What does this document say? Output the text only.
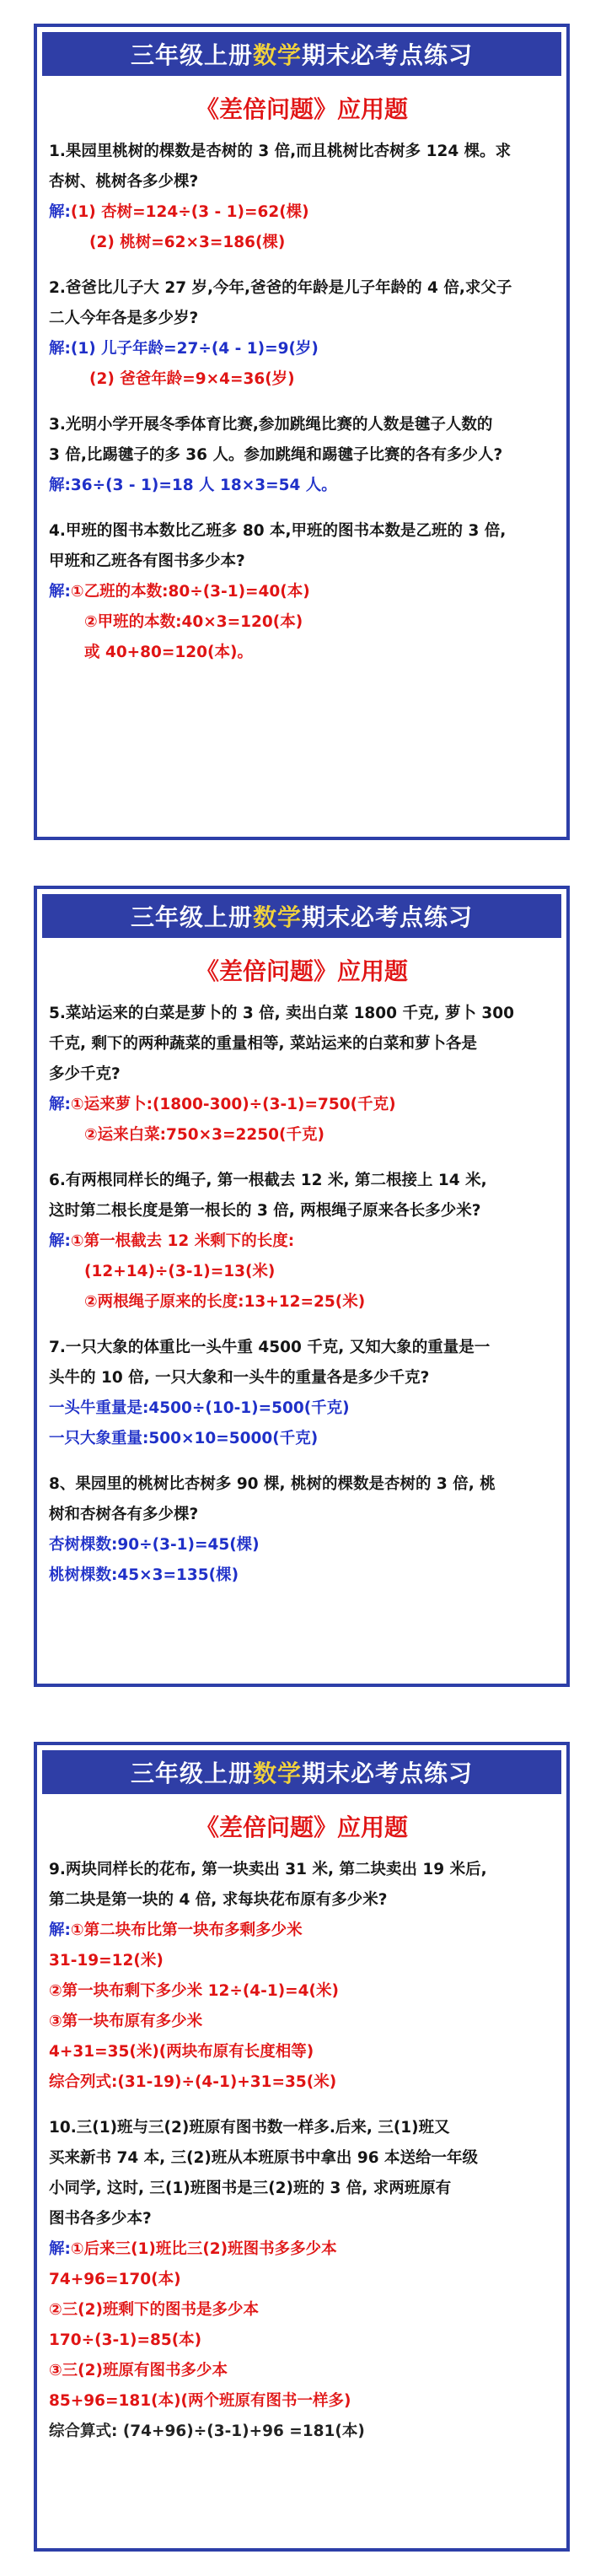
三年级上册 数学 期末必考点练习
《差倍问题》应用题
1.果园里桃树的棵数是杏树的 3 倍,而且桃树比杏树多 124 棵。求
杏树、桃树各多少棵?
解:(1) 杏树=124÷(3 - 1)=62(棵)
(2) 桃树=62×3=186(棵)
2.爸爸比儿子大 27 岁,今年,爸爸的年龄是儿子年龄的 4 倍,求父子
二人今年各是多少岁?
解:(1) 儿子年龄=27÷(4 - 1)=9(岁)
(2) 爸爸年龄=9×4=36(岁)
3.光明小学开展冬季体育比赛,参加跳绳比赛的人数是毽子人数的
3 倍,比踢毽子的多 36 人。参加跳绳和踢毽子比赛的各有多少人?
解:36÷(3 - 1)=18 人 18×3=54 人。
4.甲班的图书本数比乙班多 80 本,甲班的图书本数是乙班的 3 倍,
甲班和乙班各有图书多少本?
解:①乙班的本数:80÷(3-1)=40(本)
②甲班的本数:40×3=120(本)
或 40+80=120(本)。
三年级上册 数学 期末必考点练习
《差倍问题》应用题
5.菜站运来的白菜是萝卜的 3 倍, 卖出白菜 1800 千克, 萝卜 300
千克, 剩下的两种蔬菜的重量相等, 菜站运来的白菜和萝卜各是
多少千克?
解:①运来萝卜:(1800-300)÷(3-1)=750(千克)
②运来白菜:750×3=2250(千克)
6.有两根同样长的绳子, 第一根截去 12 米, 第二根接上 14 米,
这时第二根长度是第一根长的 3 倍, 两根绳子原来各长多少米?
解:①第一根截去 12 米剩下的长度:
(12+14)÷(3-1)=13(米)
②两根绳子原来的长度:13+12=25(米)
7.一只大象的体重比一头牛重 4500 千克, 又知大象的重量是一
头牛的 10 倍, 一只大象和一头牛的重量各是多少千克?
一头牛重量是:4500÷(10-1)=500(千克)
一只大象重量:500×10=5000(千克)
8、果园里的桃树比杏树多 90 棵, 桃树的棵数是杏树的 3 倍, 桃
树和杏树各有多少棵?
杏树棵数:90÷(3-1)=45(棵)
桃树棵数:45×3=135(棵)
三年级上册 数学 期末必考点练习
《差倍问题》应用题
9.两块同样长的花布, 第一块卖出 31 米, 第二块卖出 19 米后,
第二块是第一块的 4 倍, 求每块花布原有多少米?
解:①第二块布比第一块布多剩多少米
31-19=12(米)
②第一块布剩下多少米 12÷(4-1)=4(米)
③第一块布原有多少米
4+31=35(米)(两块布原有长度相等)
综合列式:(31-19)÷(4-1)+31=35(米)
10.三(1)班与三(2)班原有图书数一样多.后来, 三(1)班又
买来新书 74 本, 三(2)班从本班原书中拿出 96 本送给一年级
小同学, 这时, 三(1)班图书是三(2)班的 3 倍, 求两班原有
图书各多少本?
解:①后来三(1)班比三(2)班图书多多少本
74+96=170(本)
②三(2)班剩下的图书是多少本
170÷(3-1)=85(本)
③三(2)班原有图书多少本
85+96=181(本)(两个班原有图书一样多)
综合算式: (74+96)÷(3-1)+96 =181(本)
